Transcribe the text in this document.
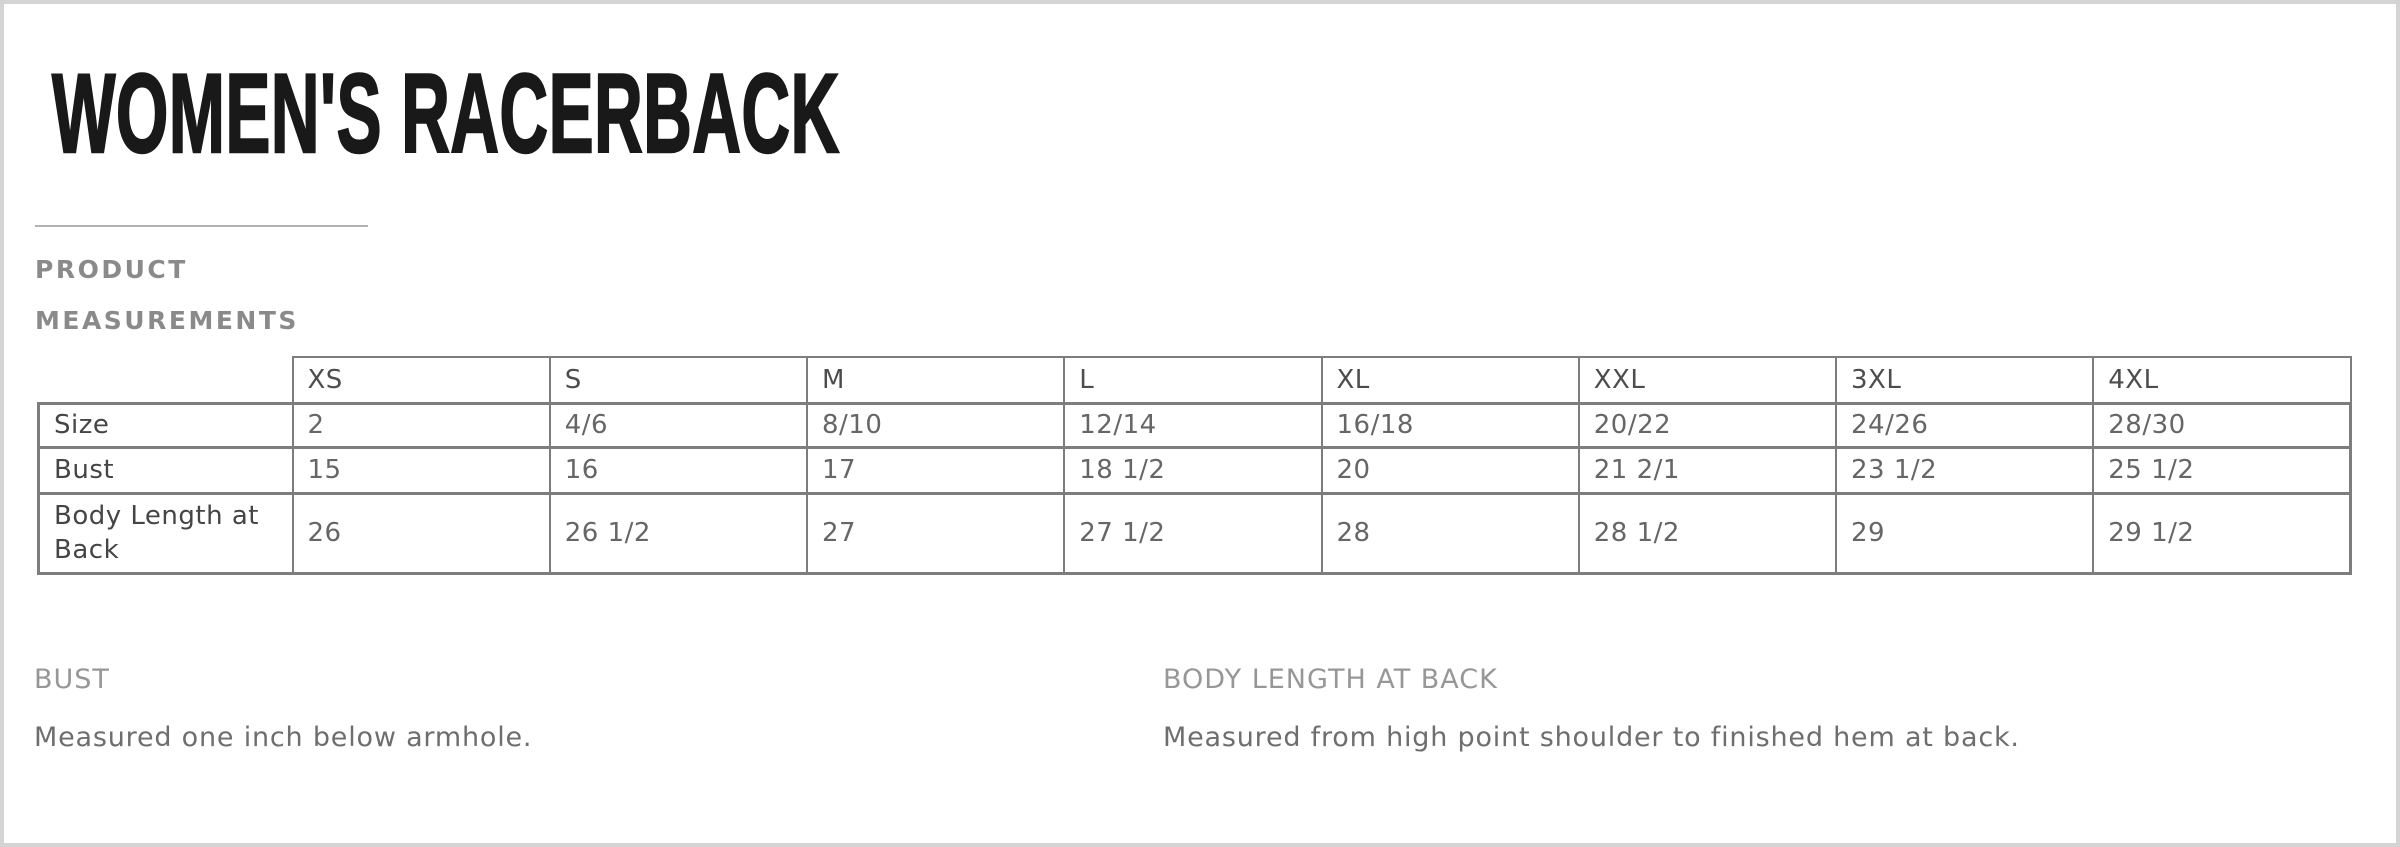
WOMEN'S RACERBACK
PRODUCT
MEASUREMENTS
	XS	S	M	L	XL	XXL	3XL	4XL
Size	2	4/6	8/10	12/14	16/18	20/22	24/26	28/30
Bust	15	16	17	18 1/2	20	21 2/1	23 1/2	25 1/2
Body Length at Back	26	26 1/2	27	27 1/2	28	28 1/2	29	29 1/2
BUST
Measured one inch below armhole.
BODY LENGTH AT BACK
Measured from high point shoulder to finished hem at back.
